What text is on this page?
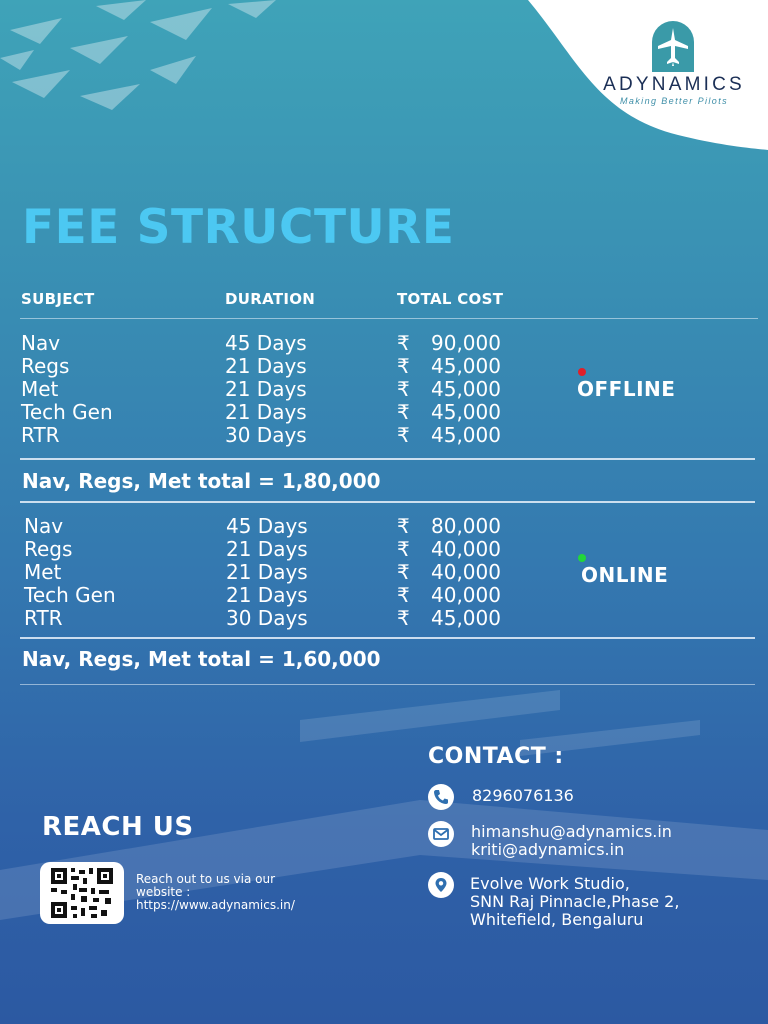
ADYNAMICS
Making Better Pilots
FEE STRUCTURE
SUBJECT	DURATION	TOTAL COST
Nav
Regs
Met
Tech Gen
RTR
45 Days
21 Days
21 Days
21 Days
30 Days
₹ 90,000
₹ 45,000
₹ 45,000
₹ 45,000
₹ 45,000
OFFLINE
Nav, Regs, Met total = 1,80,000
Nav
Regs
Met
Tech Gen
RTR
45 Days
21 Days
21 Days
21 Days
30 Days
₹ 80,000
₹ 40,000
₹ 40,000
₹ 40,000
₹ 45,000
ONLINE
Nav, Regs, Met total = 1,60,000
CONTACT :
8296076136
himanshu@adynamics.in
kriti@adynamics.in
Evolve Work Studio,
SNN Raj Pinnacle,Phase 2,
Whitefield, Bengaluru
REACH US
Reach out to us via our
website :
https://www.adynamics.in/
